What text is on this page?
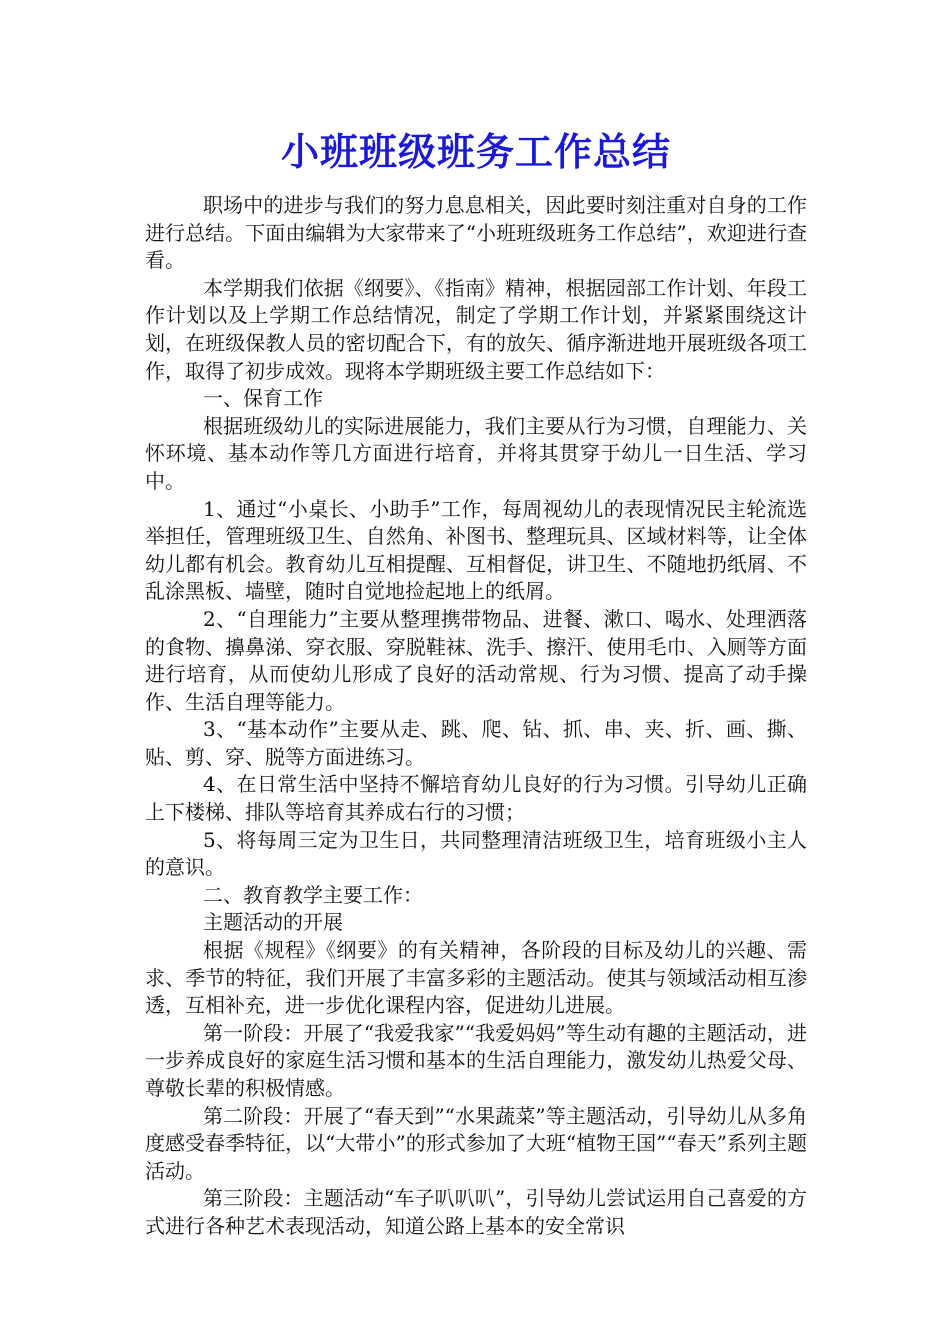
小班班级班务工作总结

职场中的进步与我们的努力息息相关，因此要时刻注重对自身的工作进行总结。下面由编辑为大家带来了“小班班级班务工作总结”，欢迎进行查看。

本学期我们依据《纲要》、《指南》精神，根据园部工作计划、年段工作计划以及上学期工作总结情况，制定了学期工作计划，并紧紧围绕这计划，在班级保教人员的密切配合下，有的放矢、循序渐进地开展班级各项工作，取得了初步成效。现将本学期班级主要工作总结如下：

一、保育工作

根据班级幼儿的实际进展能力，我们主要从行为习惯，自理能力、关怀环境、基本动作等几方面进行培育，并将其贯穿于幼儿一日生活、学习中。

1、通过“小桌长、小助手”工作，每周视幼儿的表现情况民主轮流选举担任，管理班级卫生、自然角、补图书、整理玩具、区域材料等，让全体幼儿都有机会。教育幼儿互相提醒、互相督促，讲卫生、不随地扔纸屑、不乱涂黑板、墙壁，随时自觉地捡起地上的纸屑。

2、“自理能力”主要从整理携带物品、进餐、漱口、喝水、处理洒落的食物、擤鼻涕、穿衣服、穿脱鞋袜、洗手、擦汗、使用毛巾、入厕等方面进行培育，从而使幼儿形成了良好的活动常规、行为习惯、提高了动手操作、生活自理等能力。

3、“基本动作”主要从走、跳、爬、钻、抓、串、夹、折、画、撕、贴、剪、穿、脱等方面进练习。

4、在日常生活中坚持不懈培育幼儿良好的行为习惯。引导幼儿正确上下楼梯、排队等培育其养成右行的习惯；

5、将每周三定为卫生日，共同整理清洁班级卫生，培育班级小主人的意识。

二、教育教学主要工作：

主题活动的开展

根据《规程》《纲要》的有关精神，各阶段的目标及幼儿的兴趣、需求、季节的特征，我们开展了丰富多彩的主题活动。使其与领域活动相互渗透，互相补充，进一步优化课程内容，促进幼儿进展。

第一阶段：开展了“我爱我家”“我爱妈妈”等生动有趣的主题活动，进一步养成良好的家庭生活习惯和基本的生活自理能力，激发幼儿热爱父母、尊敬长辈的积极情感。

第二阶段：开展了“春天到”“水果蔬菜”等主题活动，引导幼儿从多角度感受春季特征，以“大带小”的形式参加了大班“植物王国”“春天”系列主题活动。

第三阶段：主题活动“车子叭叭叭”，引导幼儿尝试运用自己喜爱的方式进行各种艺术表现活动，知道公路上基本的安全常识
